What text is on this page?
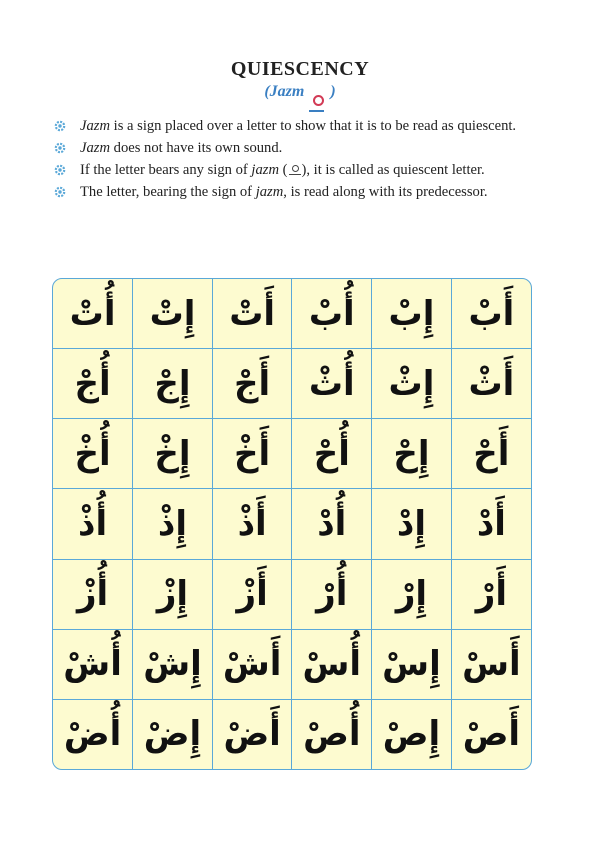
QUIESCENCY
(Jazm )
Jazm is a sign placed over a letter to show that it is to be read as quiescent.
Jazm does not have its own sound.
If the letter bears any sign of jazm ( ), it is called as quiescent letter.
The letter, bearing the sign of jazm, is read along with its predecessor.
أُتْ	إِتْ	أَتْ	أُبْ	إِبْ	أَبْ
أُجْ	إِجْ	أَجْ	أُثْ	إِثْ	أَثْ
أُخْ	إِخْ	أَخْ	أُحْ	إِحْ	أَحْ
أُذْ	إِذْ	أَذْ	أُدْ	إِدْ	أَدْ
أُزْ	إِزْ	أَزْ	أُرْ	إِرْ	أَرْ
أُشْ	إِشْ	أَشْ	أُسْ	إِسْ	أَسْ
أُضْ	إِضْ	أَضْ	أُصْ	إِصْ	أَصْ
